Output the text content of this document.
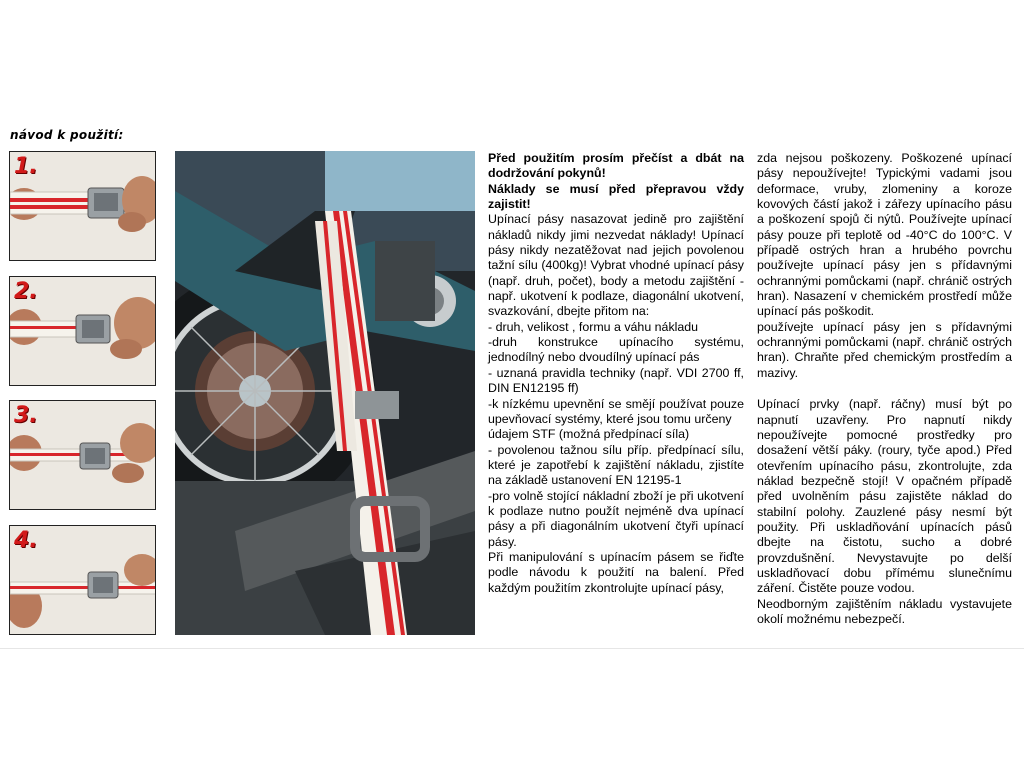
návod k použití:
1.
2.
3.
4.

Před použitím prosím přečíst a dbát na dodržování pokynů!

Náklady se musí před přepravou vždy zajistit!

Upínací pásy nasazovat jedině pro zajištění nákladů nikdy jimi nezvedat náklady! Upínací pásy nikdy nezatěžovat nad jejich povolenou tažní sílu (400kg)! Vybrat vhodné upínací pásy (např. druh, počet), body a metodu zajištění - např. ukotvení k podlaze, diagonální ukotvení, svazkování, dbejte přitom na:

- druh, velikost , formu a váhu nákladu

-druh konstrukce upínacího systému, jednodílný nebo dvoudílný upínací pás

- uznaná pravidla techniky (např. VDI 2700 ff, DIN EN12195 ff)

-k nízkému upevnění se smějí používat pouze upevňovací systémy, které jsou tomu určeny

údajem STF (možná předpínací síla)

- povolenou tažnou sílu příp. předpínací sílu, které je zapotřebí k zajištění nákladu, zjistíte na základě ustanovení EN 12195-1

-pro volně stojící nákladní zboží je při ukotvení k podlaze nutno použít nejméně dva upínací pásy a při diagonálním ukotvení čtyři upínací pásy.

Při manipulování s upínacím pásem se řiďte podle návodu k použití na balení. Před každým použitím zkontrolujte upínací pásy,

zda nejsou poškozeny. Poškozené upínací pásy nepoužívejte! Typickými vadami jsou deformace, vruby, zlomeniny a koroze kovových částí jakož i zářezy upínacího pásu a poškození spojů či nýtů. Používejte upínací pásy pouze při teplotě od -40°C do 100°C. V případě ostrých hran a hrubého povrchu používejte upínací pásy jen s přídavnými ochrannými pomůckami (např. chránič ostrých hran). Nasazení v chemickém prostředí může upínací pás poškodit.

používejte upínací pásy jen s přídavnými ochrannými pomůckami (např. chránič ostrých hran). Chraňte před chemickým prostředím a mazivy.

Upínací prvky (např. ráčny) musí být po napnutí uzavřeny. Pro napnutí nikdy nepoužívejte pomocné prostředky pro dosažení větší páky. (roury, tyče apod.) Před otevřením upínacího pásu, zkontrolujte, zda náklad bezpečně stojí! V opačném případě před uvolněním pásu zajistěte náklad do stabilní polohy. Zauzlené pásy nesmí být použity. Při uskladňování upínacích pásů dbejte na čistotu, sucho a dobré provzdušnění. Nevystavujte po delší uskladňovací dobu přímému slunečnímu záření. Čistěte pouze vodou.

Neodborným zajištěním nákladu vystavujete okolí možnému nebezpečí.
